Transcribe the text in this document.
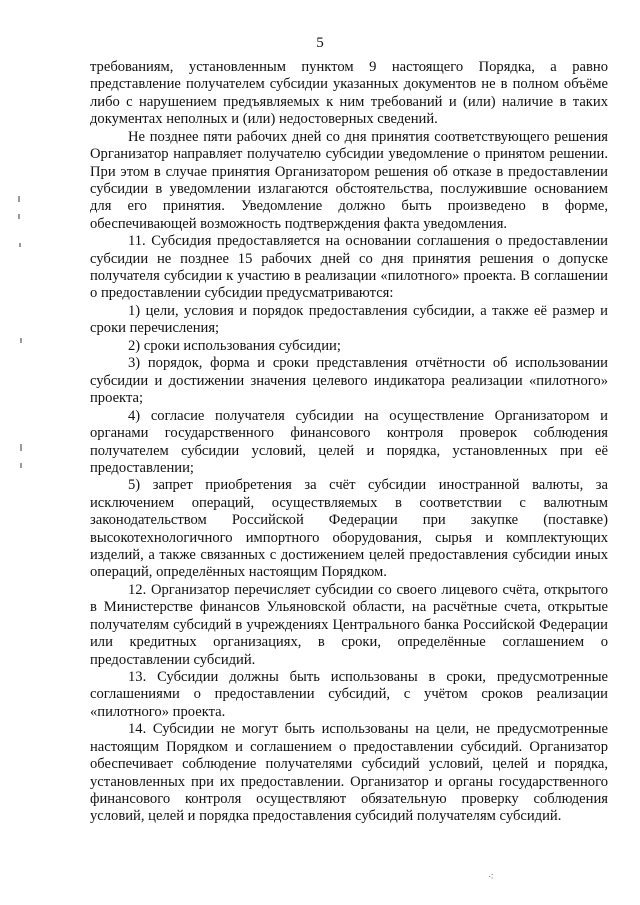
⁖
5

требованиям, установленным пунктом 9 настоящего Порядка, а равно представление получателем субсидии указанных документов не в полном объёме либо с нарушением предъявляемых к ним требований и (или) наличие в таких документах неполных и (или) недостоверных сведений.

Не позднее пяти рабочих дней со дня принятия соответствующего решения Организатор направляет получателю субсидии уведомление о принятом решении. При этом в случае принятия Организатором решения об отказе в предоставлении субсидии в уведомлении излагаются обстоятельства, послужившие основанием для его принятия. Уведомление должно быть произведено в форме, обеспечивающей возможность подтверждения факта уведомления.

11. Субсидия предоставляется на основании соглашения о предоставлении субсидии не позднее 15 рабочих дней со дня принятия решения о допуске получателя субсидии к участию в реализации «пилотного» проекта. В соглашении о предоставлении субсидии предусматриваются:

1) цели, условия и порядок предоставления субсидии, а также её размер и сроки перечисления;

2) сроки использования субсидии;

3) порядок, форма и сроки представления отчётности об использовании субсидии и достижении значения целевого индикатора реализации «пилотного» проекта;

4) согласие получателя субсидии на осуществление Организатором и органами государственного финансового контроля проверок соблюдения получателем субсидии условий, целей и порядка, установленных при её предоставлении;

5) запрет приобретения за счёт субсидии иностранной валюты, за исключением операций, осуществляемых в соответствии с валютным законодательством Российской Федерации при закупке (поставке) высокотехнологичного импортного оборудования, сырья и комплектующих изделий, а также связанных с достижением целей предоставления субсидии иных операций, определённых настоящим Порядком.

12. Организатор перечисляет субсидии со своего лицевого счёта, открытого в Министерстве финансов Ульяновской области, на расчётные счета, открытые получателям субсидий в учреждениях Центрального банка Российской Федерации или кредитных организациях, в сроки, определённые соглашением о предоставлении субсидий.

13. Субсидии должны быть использованы в сроки, предусмотренные соглашениями о предоставлении субсидий, с учётом сроков реализации «пилотного» проекта.

14. Субсидии не могут быть использованы на цели, не предусмотренные настоящим Порядком и соглашением о предоставлении субсидий. Организатор обеспечивает соблюдение получателями субсидий условий, целей и порядка, установленных при их предоставлении. Организатор и органы государственного финансового контроля осуществляют обязательную проверку соблюдения условий, целей и порядка предоставления субсидий получателям субсидий.
